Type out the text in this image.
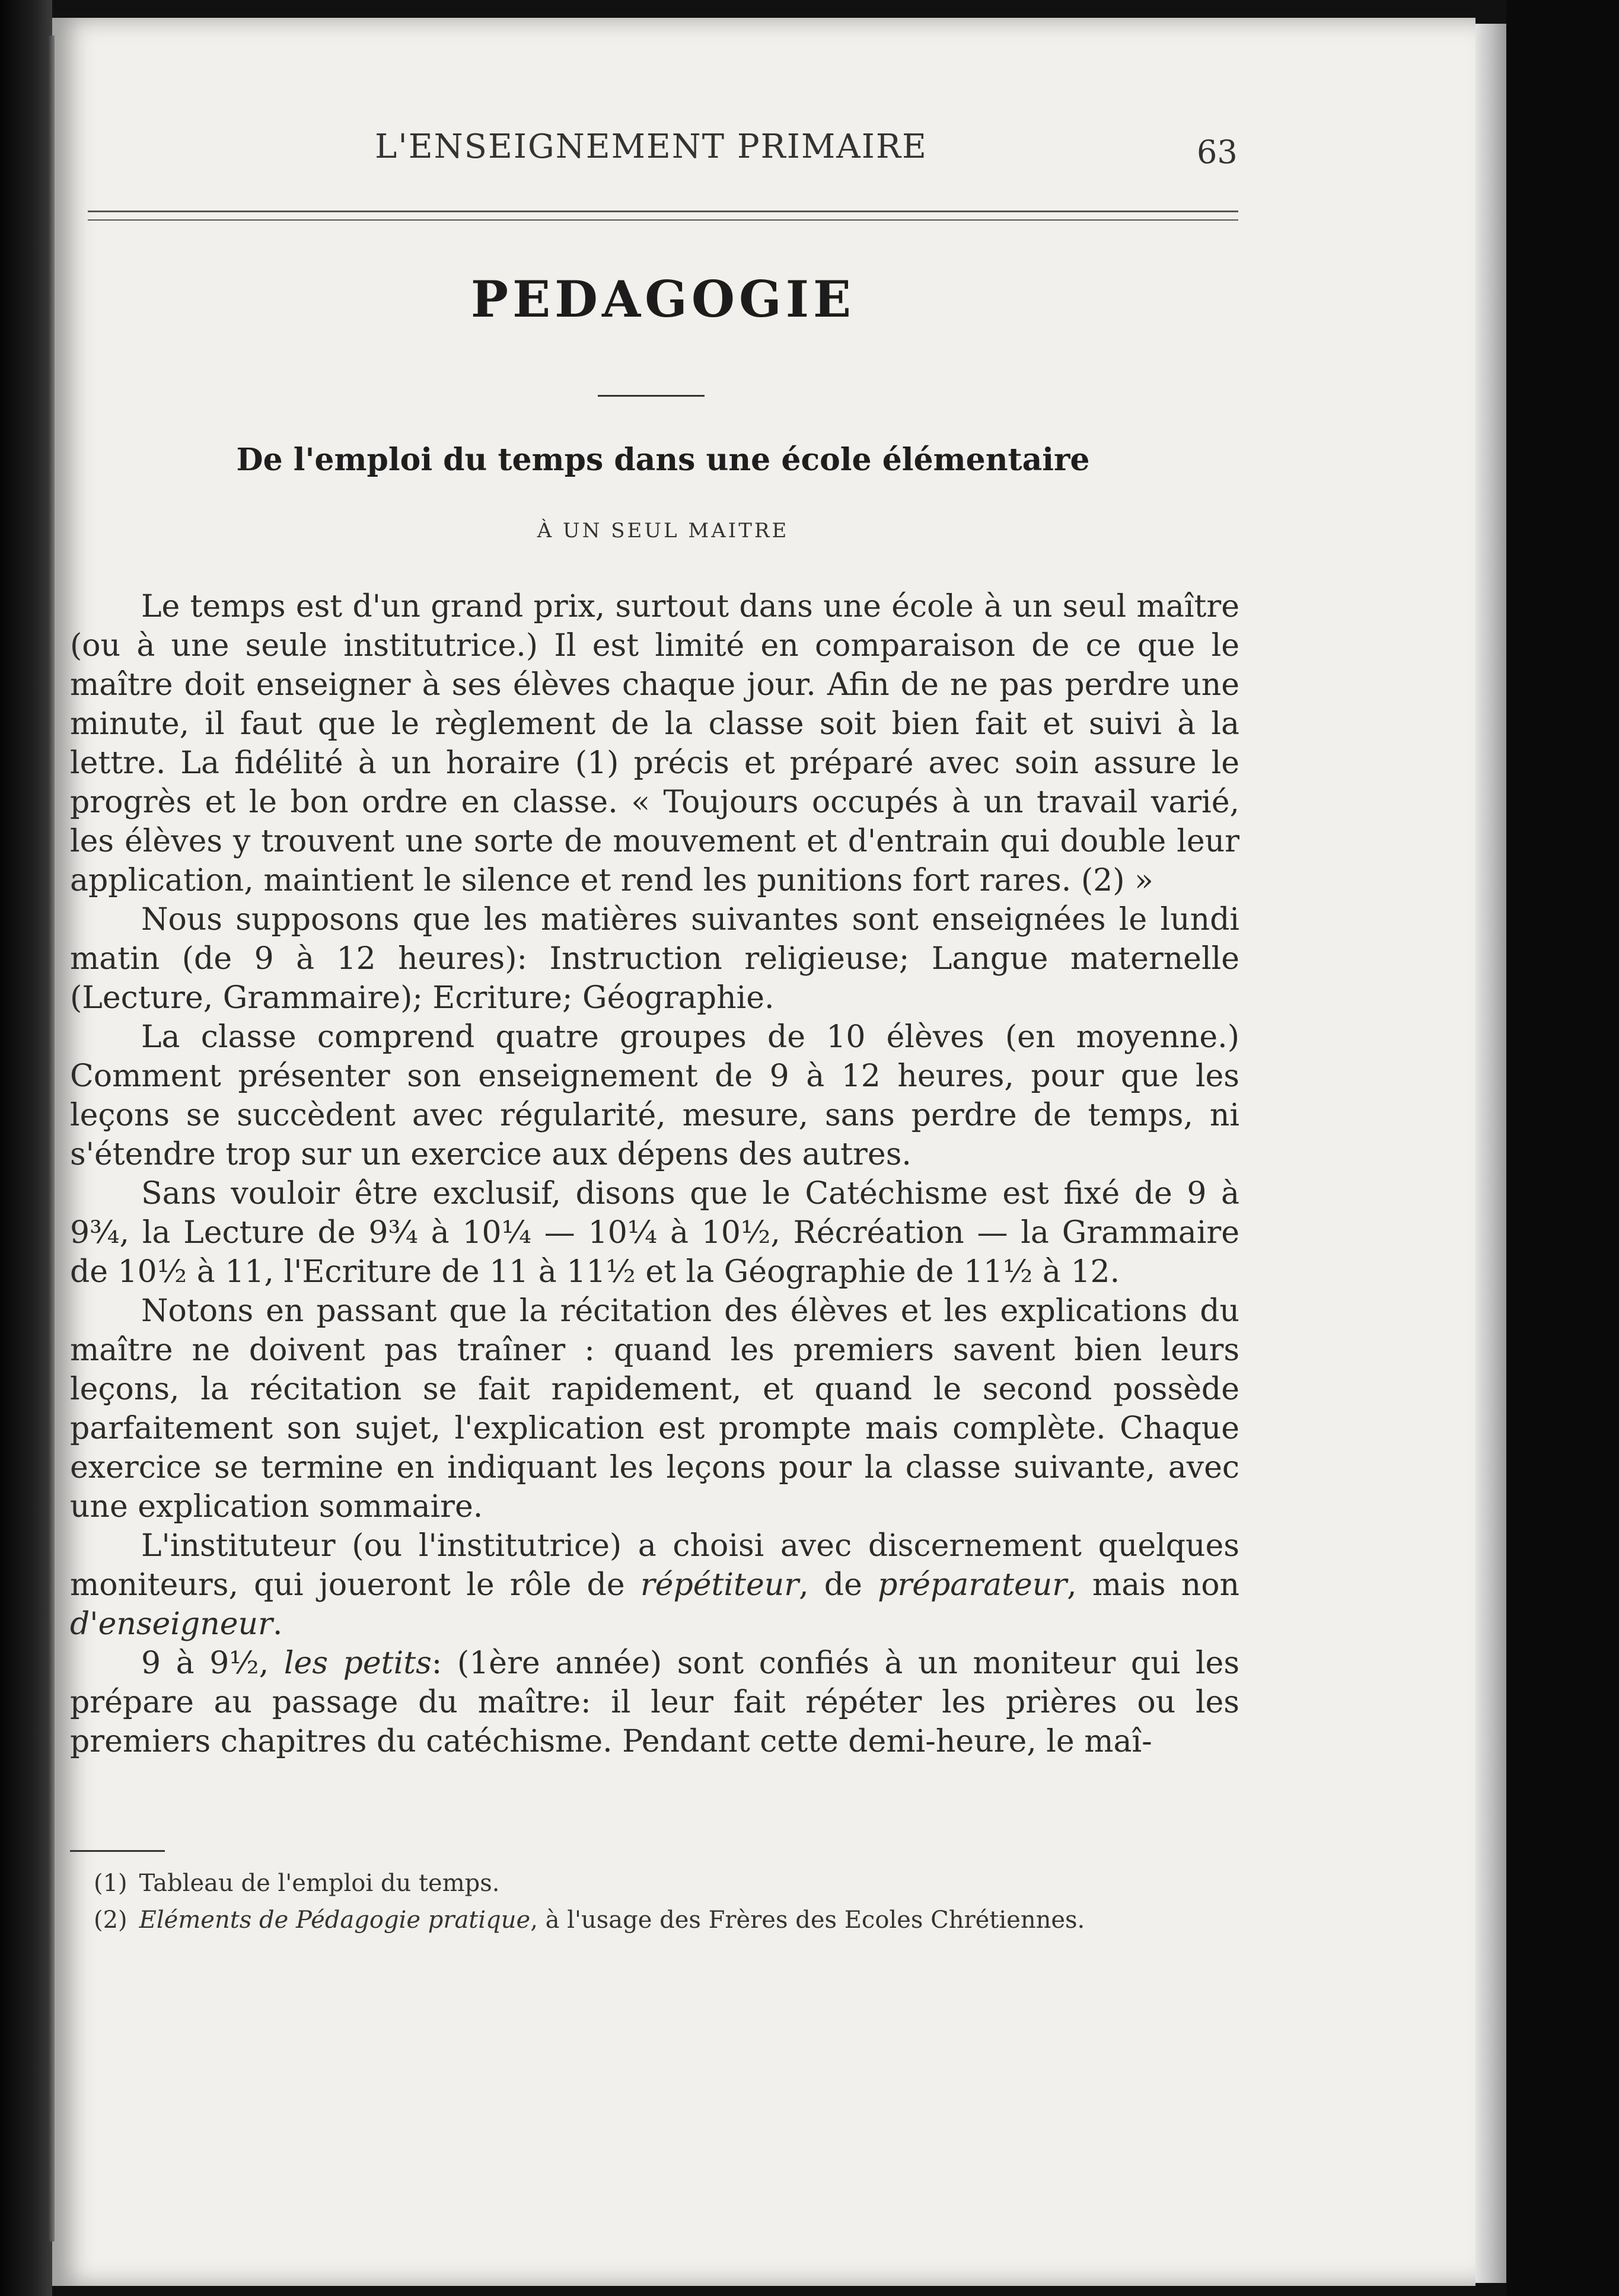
L'ENSEIGNEMENT PRIMAIRE	63
PEDAGOGIE
De l'emploi du temps dans une école élémentaire
À UN SEUL MAITRE

Le temps est d'un grand prix, surtout dans une école à un seul maître (ou à une seule institutrice.) Il est limité en comparaison de ce que le maître doit enseigner à ses élèves chaque jour. Afin de ne pas perdre une minute, il faut que le règlement de la classe soit bien fait et suivi à la lettre. La fidélité à un horaire (1) précis et préparé avec soin assure le progrès et le bon ordre en classe. « Toujours occupés à un travail varié, les élèves y trouvent une sorte de mouvement et d'entrain qui double leur application, maintient le silence et rend les punitions fort rares. (2) »

Nous supposons que les matières suivantes sont enseignées le lundi matin (de 9 à 12 heures): Instruction religieuse; Langue maternelle (Lecture, Grammaire); Ecriture; Géographie.

La classe comprend quatre groupes de 10 élèves (en moyenne.) Comment présenter son enseignement de 9 à 12 heures, pour que les leçons se succèdent avec régularité, mesure, sans perdre de temps, ni s'étendre trop sur un exercice aux dépens des autres.

Sans vouloir être exclusif, disons que le Catéchisme est fixé de 9 à 9¾, la Lecture de 9¾ à 10¼ — 10¼ à 10½, Récréation — la Grammaire de 10½ à 11, l'Ecriture de 11 à 11½ et la Géographie de 11½ à 12.

Notons en passant que la récitation des élèves et les explications du maître ne doivent pas traîner : quand les premiers savent bien leurs leçons, la récitation se fait rapidement, et quand le second possède parfaitement son sujet, l'explication est prompte mais complète. Chaque exercice se termine en indiquant les leçons pour la classe suivante, avec une explication sommaire.

L'instituteur (ou l'institutrice) a choisi avec discernement quelques moniteurs, qui joueront le rôle de répétiteur, de préparateur, mais non d'enseigneur.

9 à 9½, les petits: (1ère année) sont confiés à un moniteur qui les prépare au passage du maître: il leur fait répéter les prières ou les premiers chapitres du catéchisme. Pendant cette demi-heure, le maî-

(1) Tableau de l'emploi du temps.

(2) Eléments de Pédagogie pratique, à l'usage des Frères des Ecoles Chrétiennes.
